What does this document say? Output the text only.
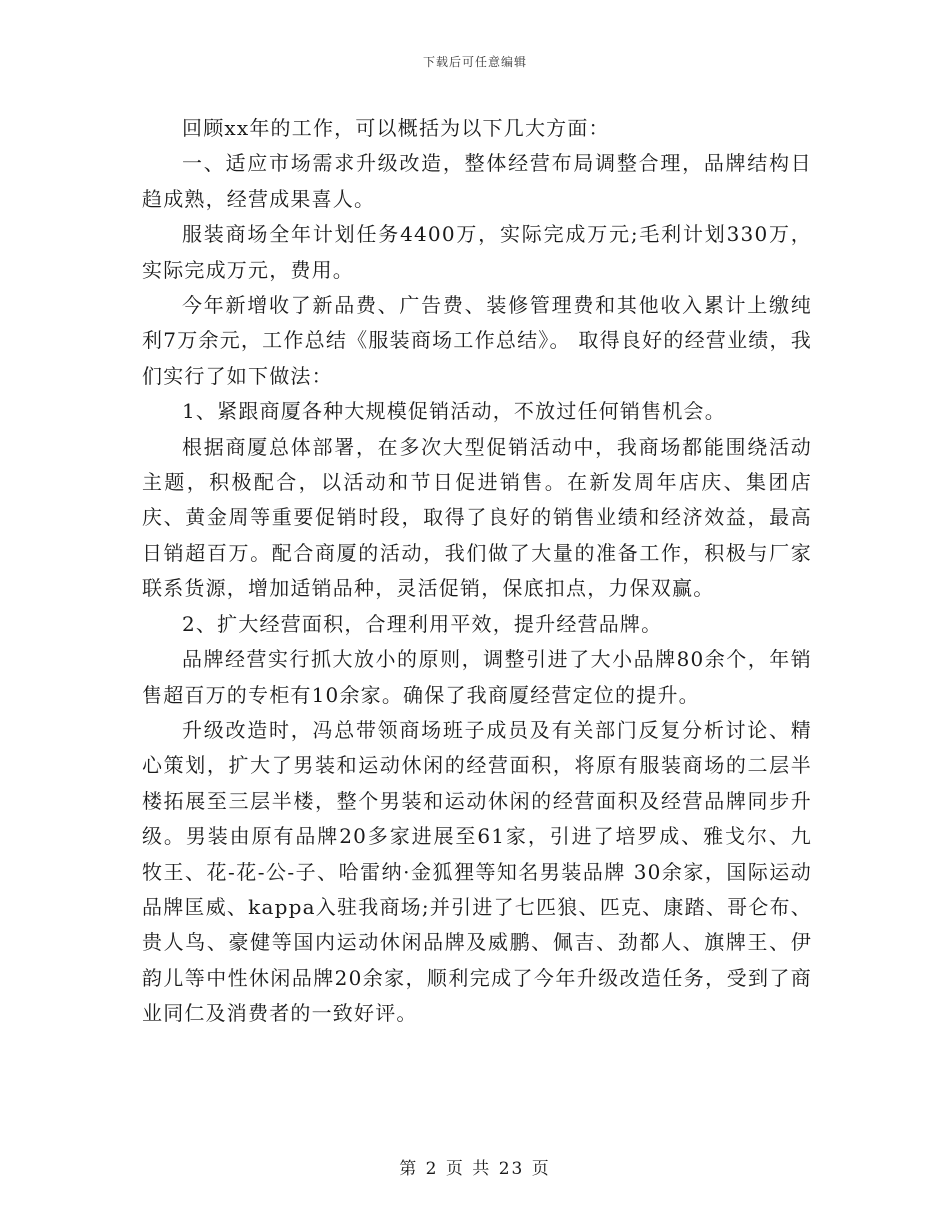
下载后可任意编辑

回顾xx年的工作，可以概括为以下几大方面：

一、适应市场需求升级改造，整体经营布局调整合理，品牌结构日趋成熟，经营成果喜人。

服装商场全年计划任务4400万，实际完成万元;毛利计划330万，实际完成万元，费用。

今年新增收了新品费、广告费、装修管理费和其他收入累计上缴纯利7万余元，工作总结《服装商场工作总结》。 取得良好的经营业绩，我们实行了如下做法：

1、紧跟商厦各种大规模促销活动，不放过任何销售机会。

根据商厦总体部署，在多次大型促销活动中，我商场都能围绕活动主题，积极配合，以活动和节日促进销售。在新发周年店庆、集团店庆、黄金周等重要促销时段，取得了良好的销售业绩和经济效益，最高日销超百万。配合商厦的活动，我们做了大量的准备工作，积极与厂家联系货源，增加适销品种，灵活促销，保底扣点，力保双赢。

2、扩大经营面积，合理利用平效，提升经营品牌。

品牌经营实行抓大放小的原则，调整引进了大小品牌80余个，年销售超百万的专柜有10余家。确保了我商厦经营定位的提升。

升级改造时，冯总带领商场班子成员及有关部门反复分析讨论、精心策划，扩大了男装和运动休闲的经营面积，将原有服装商场的二层半楼拓展至三层半楼，整个男装和运动休闲的经营面积及经营品牌同步升级。男装由原有品牌20多家进展至61家，引进了培罗成、雅戈尔、九牧王、花-花-公-子、哈雷纳·金狐狸等知名男装品牌 30余家，国际运动品牌匡威、kappa入驻我商场;并引进了七匹狼、匹克、康踏、哥仑布、贵人鸟、豪健等国内运动休闲品牌及威鹏、佩吉、劲都人、旗牌王、伊韵儿等中性休闲品牌20余家，顺利完成了今年升级改造任务，受到了商业同仁及消费者的一致好评。

第 2 页 共 23 页
